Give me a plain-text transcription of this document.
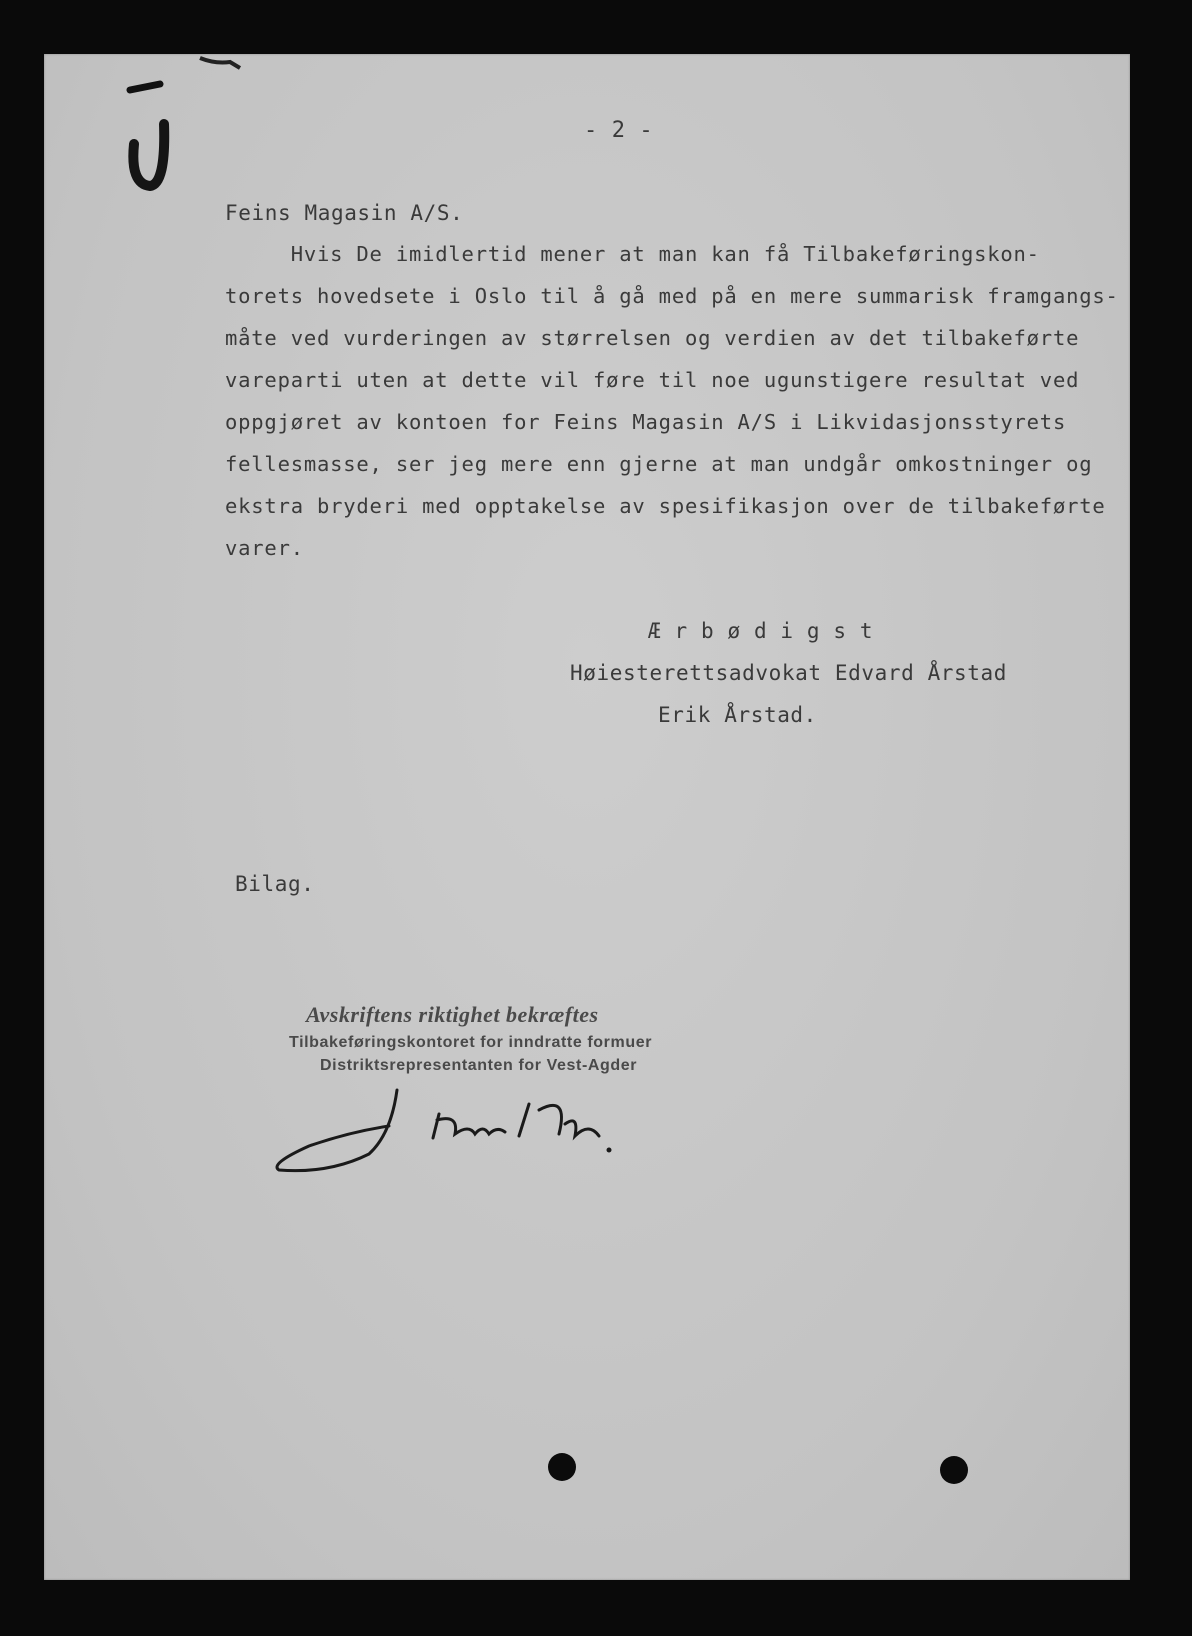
- 2 -
Feins Magasin A/S.
Hvis De imidlertid mener at man kan få Tilbakeføringskon-
torets hovedsete i Oslo til å gå med på en mere summarisk framgangs-
måte ved vurderingen av størrelsen og verdien av det tilbakeførte
vareparti uten at dette vil føre til noe ugunstigere resultat ved
oppgjøret av kontoen for Feins Magasin A/S i Likvidasjonsstyrets
fellesmasse, ser jeg mere enn gjerne at man undgår omkostninger og
ekstra bryderi med opptakelse av spesifikasjon over de tilbakeførte
varer.
Æ r b ø d i g s t
Høiesterettsadvokat Edvard Årstad
Erik Årstad.
Bilag.
Avskriftens riktighet bekræftes
Tilbakeføringskontoret for inndratte formuer
Distriktsrepresentanten for Vest-Agder
